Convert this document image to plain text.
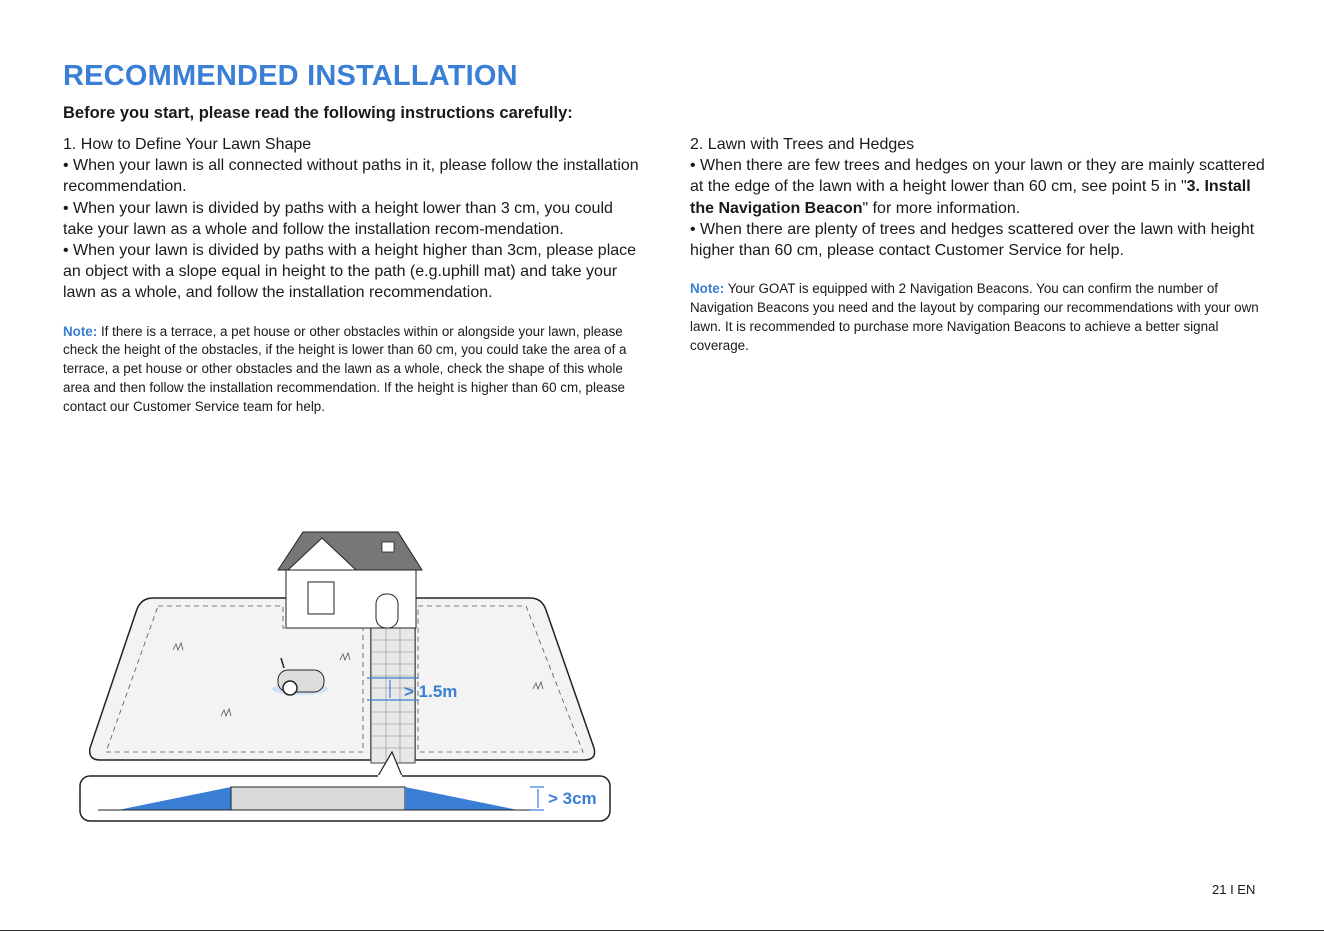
RECOMMENDED INSTALLATION
Before you start, please read the following instructions carefully:

1. How to Define Your Lawn Shape

• When your lawn is all connected without paths in it, please follow the installation recommendation.

• When your lawn is divided by paths with a height lower than 3 cm, you could take your lawn as a whole and follow the installation recom-mendation.

• When your lawn is divided by paths with a height higher than 3cm, please place an object with a slope equal in height to the path (e.g.uphill mat) and take your lawn as a whole, and follow the installation recommendation.

Note: If there is a terrace, a pet house or other obstacles within or alongside your lawn, please check the height of the obstacles, if the height is lower than 60 cm, you could take the area of a terrace, a pet house or other obstacles and the lawn as a whole, check the shape of this whole area and then follow the installation recommendation. If the height is higher than 60 cm, please contact our Customer Service team for help.

2. Lawn with Trees and Hedges

• When there are few trees and hedges on your lawn or they are mainly scattered at the edge of the lawn with a height lower than 60 cm, see point 5 in "3. Install the Navigation Beacon" for more information.

• When there are plenty of trees and hedges scattered over the lawn with height higher than 60 cm, please contact Customer Service for help.

Note: Your GOAT is equipped with 2 Navigation Beacons. You can confirm the number of Navigation Beacons you need and the layout by comparing our recommendations with your own lawn. It is recommended to purchase more Navigation Beacons to achieve a better signal coverage.

> 1.5m
> 3cm
21 I EN
